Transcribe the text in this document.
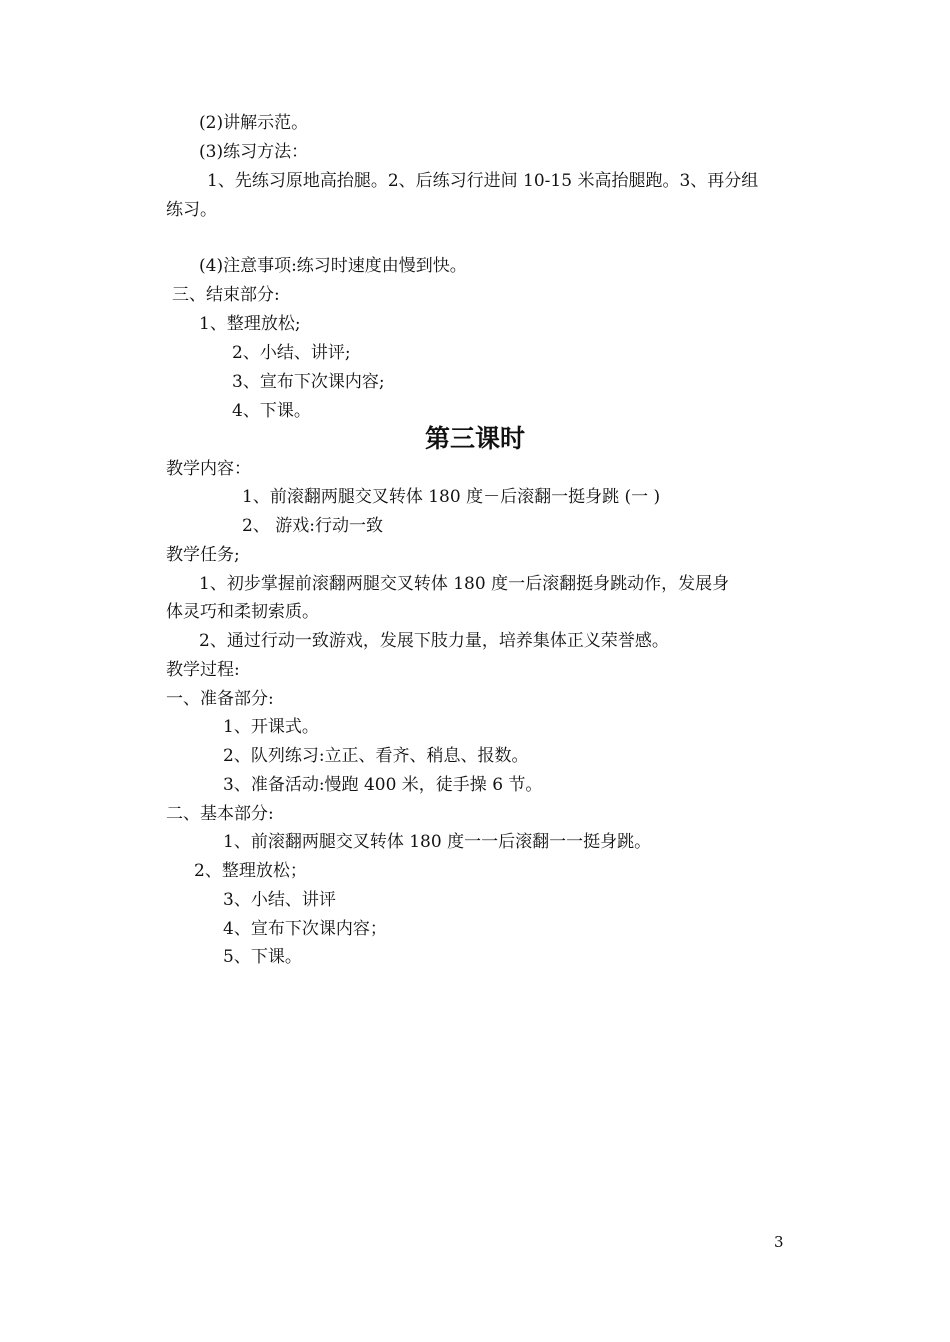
(2)讲解示范。
(3)练习方法：
1、先练习原地高抬腿。2、后练习行进间 10-15 米高抬腿跑。3、再分组
练习。
(4)注意事项:练习时速度由慢到快。
三、结束部分:
1、整理放松;
2、小结、讲评;
3、宣布下次课内容;
4、下课。
第三课时
教学内容：
1、前滚翻两腿交叉转体 180 度－后滚翻一挺身跳 (一 )
2、 游戏:行动一致
教学任务;
1、初步掌握前滚翻两腿交叉转体 180 度一后滚翻挺身跳动作，发展身
体灵巧和柔韧索质。
2、通过行动一致游戏，发展下肢力量，培养集体正义荣誉感。
教学过程:
一、准备部分:
1、开课式。
2、队列练习:立正、看齐、稍息、报数。
3、准备活动:慢跑 400 米，徒手操 6 节。
二、基本部分:
1、前滚翻两腿交叉转体 180 度一一后滚翻一一挺身跳。
2、整理放松；
3、小结、讲评
4、宣布下次课内容；
5、下课。
3
